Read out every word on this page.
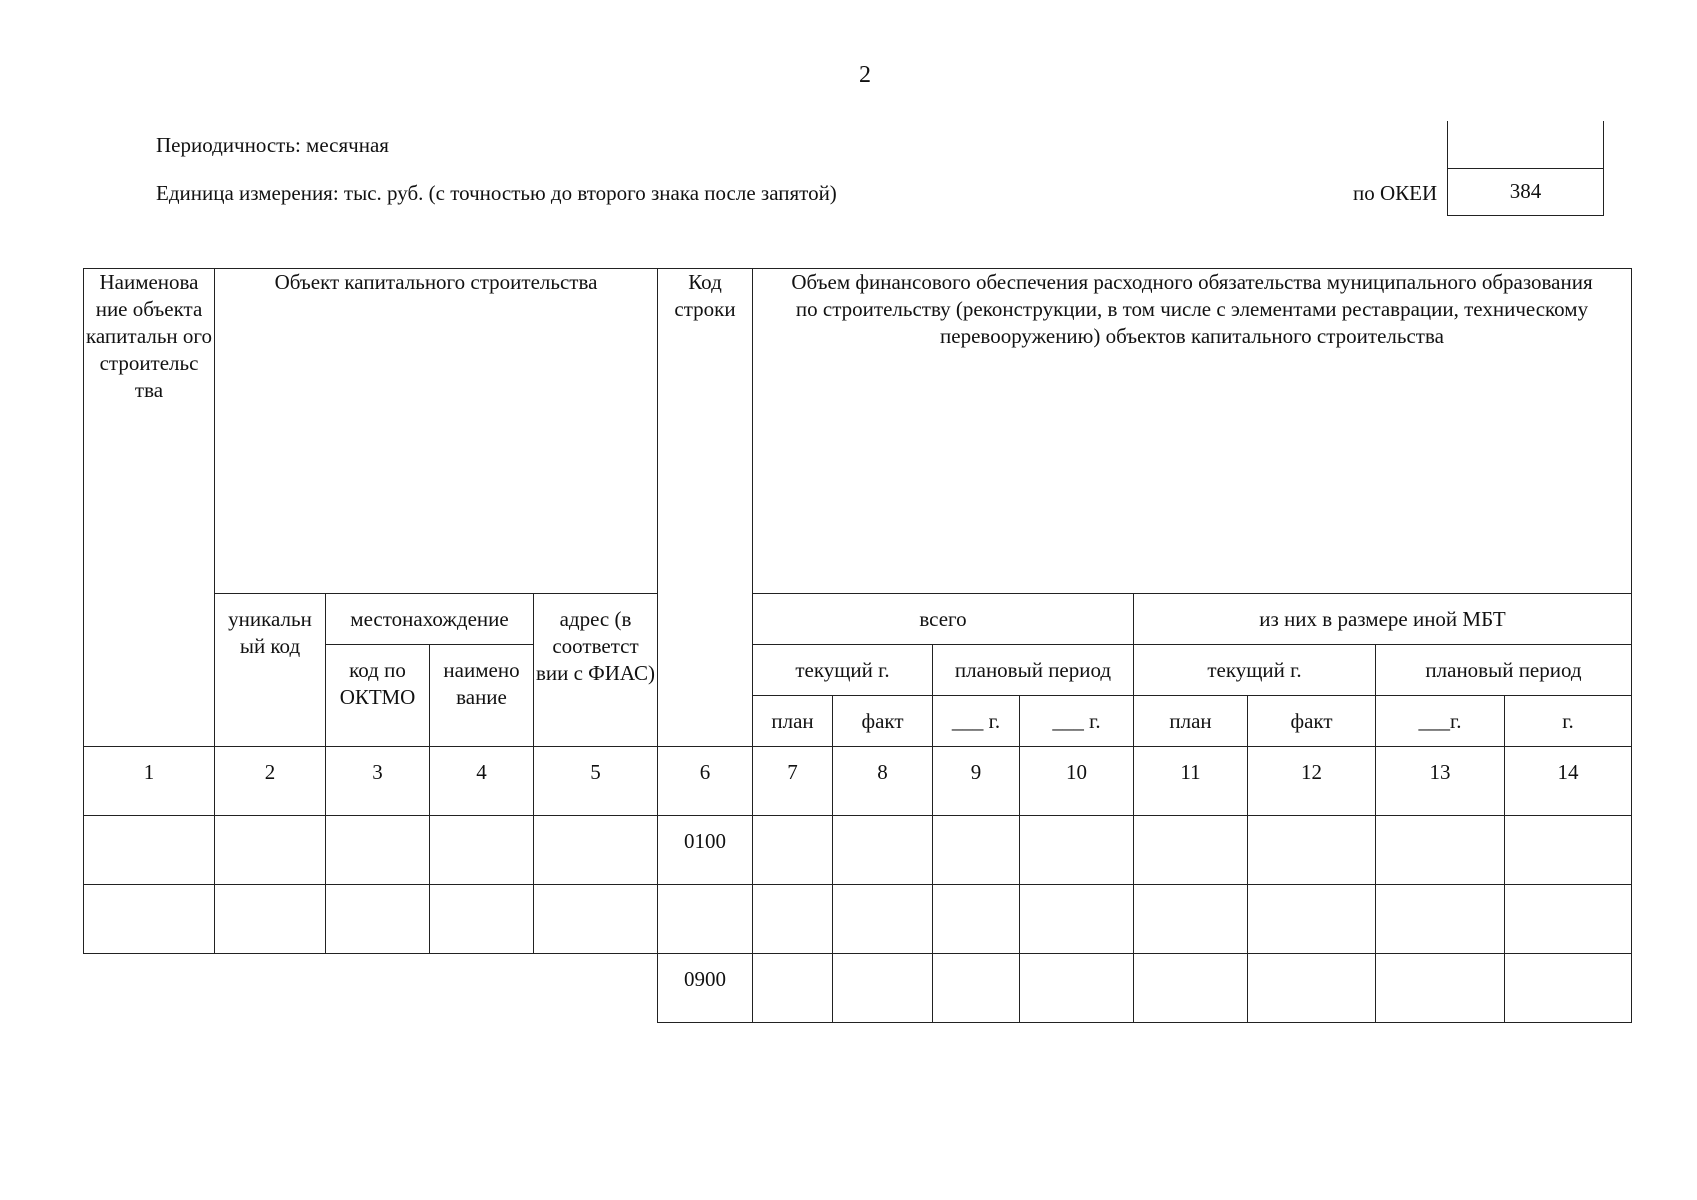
2
Периодичность: месячная
Единица измерения: тыс. руб. (с точностью до второго знака после запятой)	по ОКЕИ	384
Наименова ние объекта капитальн ого строительс тва	Объект капитального строительства				Код строки	Объем финансового обеспечения расходного обязательства муниципального образования по строительству (реконструкции, в том числе с элементами реставрации, техническому перевооружению) объектов капитального строительства							
	уникальн ый код	местонахождение		адрес (в соответст вии с ФИАС)		всего				из них в размере иной МБТ			
		код по ОКТМО	наимено вание			текущий г.		плановый период		текущий г.		плановый период	
						план	факт	___ г.	___ г.	план	факт	___г.	г.
1	2	3	4	5	6	7	8	9	10	11	12	13	14
					0100								

					0900								
